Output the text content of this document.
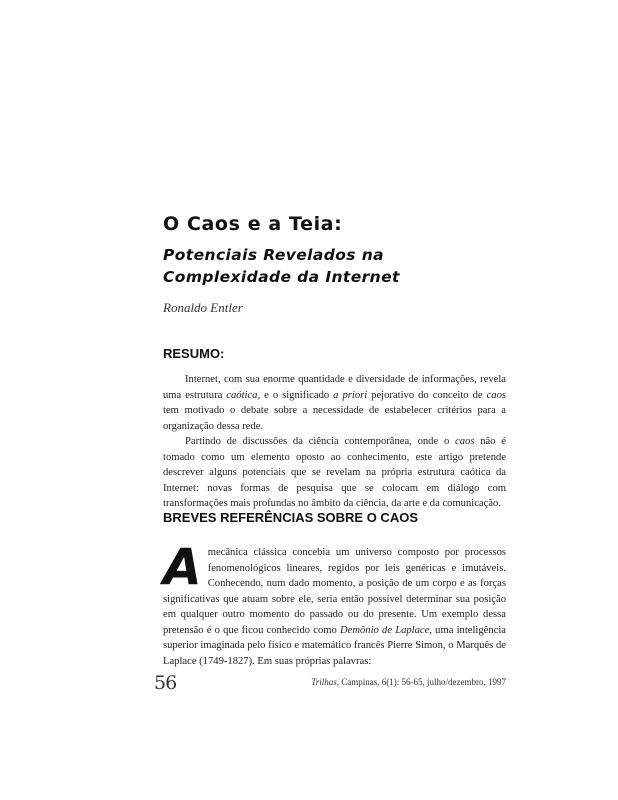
O Caos e a Teia:
Potenciais Revelados na
Complexidade da Internet
Ronaldo Entler
RESUMO:

Internet, com sua enorme quantidade e diversidade de informações, revela uma estrutura caótica, e o significado a priori pejorativo do conceito de caos tem motivado o debate sobre a necessidade de estabelecer critérios para a organização dessa rede.

Partindo de discussões da ciência contemporânea, onde o caos não é tomado como um elemento oposto ao conhecimento, este artigo pretende descrever alguns potenciais que se revelam na própria estrutura caótica da Internet: novas formas de pesquisa que se colocam em diálogo com transformações mais profundas no âmbito da ciência, da arte e da comunicação.

BREVES REFERÊNCIAS SOBRE O CAOS

Amecânica clássica concebia um universo composto por processos fenomenológicos lineares, regidos por leis genéricas e imutáveis. Conhecendo, num dado momento, a posição de um corpo e as forças significativas que atuam sobre ele, seria então possível determinar sua posição em qualquer outro momento do passado ou do presente. Um exemplo dessa pretensão é o que ficou conhecido como Demônio de Laplace, uma inteligência superior imaginada pelo físico e matemático francês Pierre Simon, o Marquês de Laplace (1749-1827). Em suas próprias palavras:

56	Trilhas, Campinas, 6(1): 56-65, julho/dezembro, 1997
